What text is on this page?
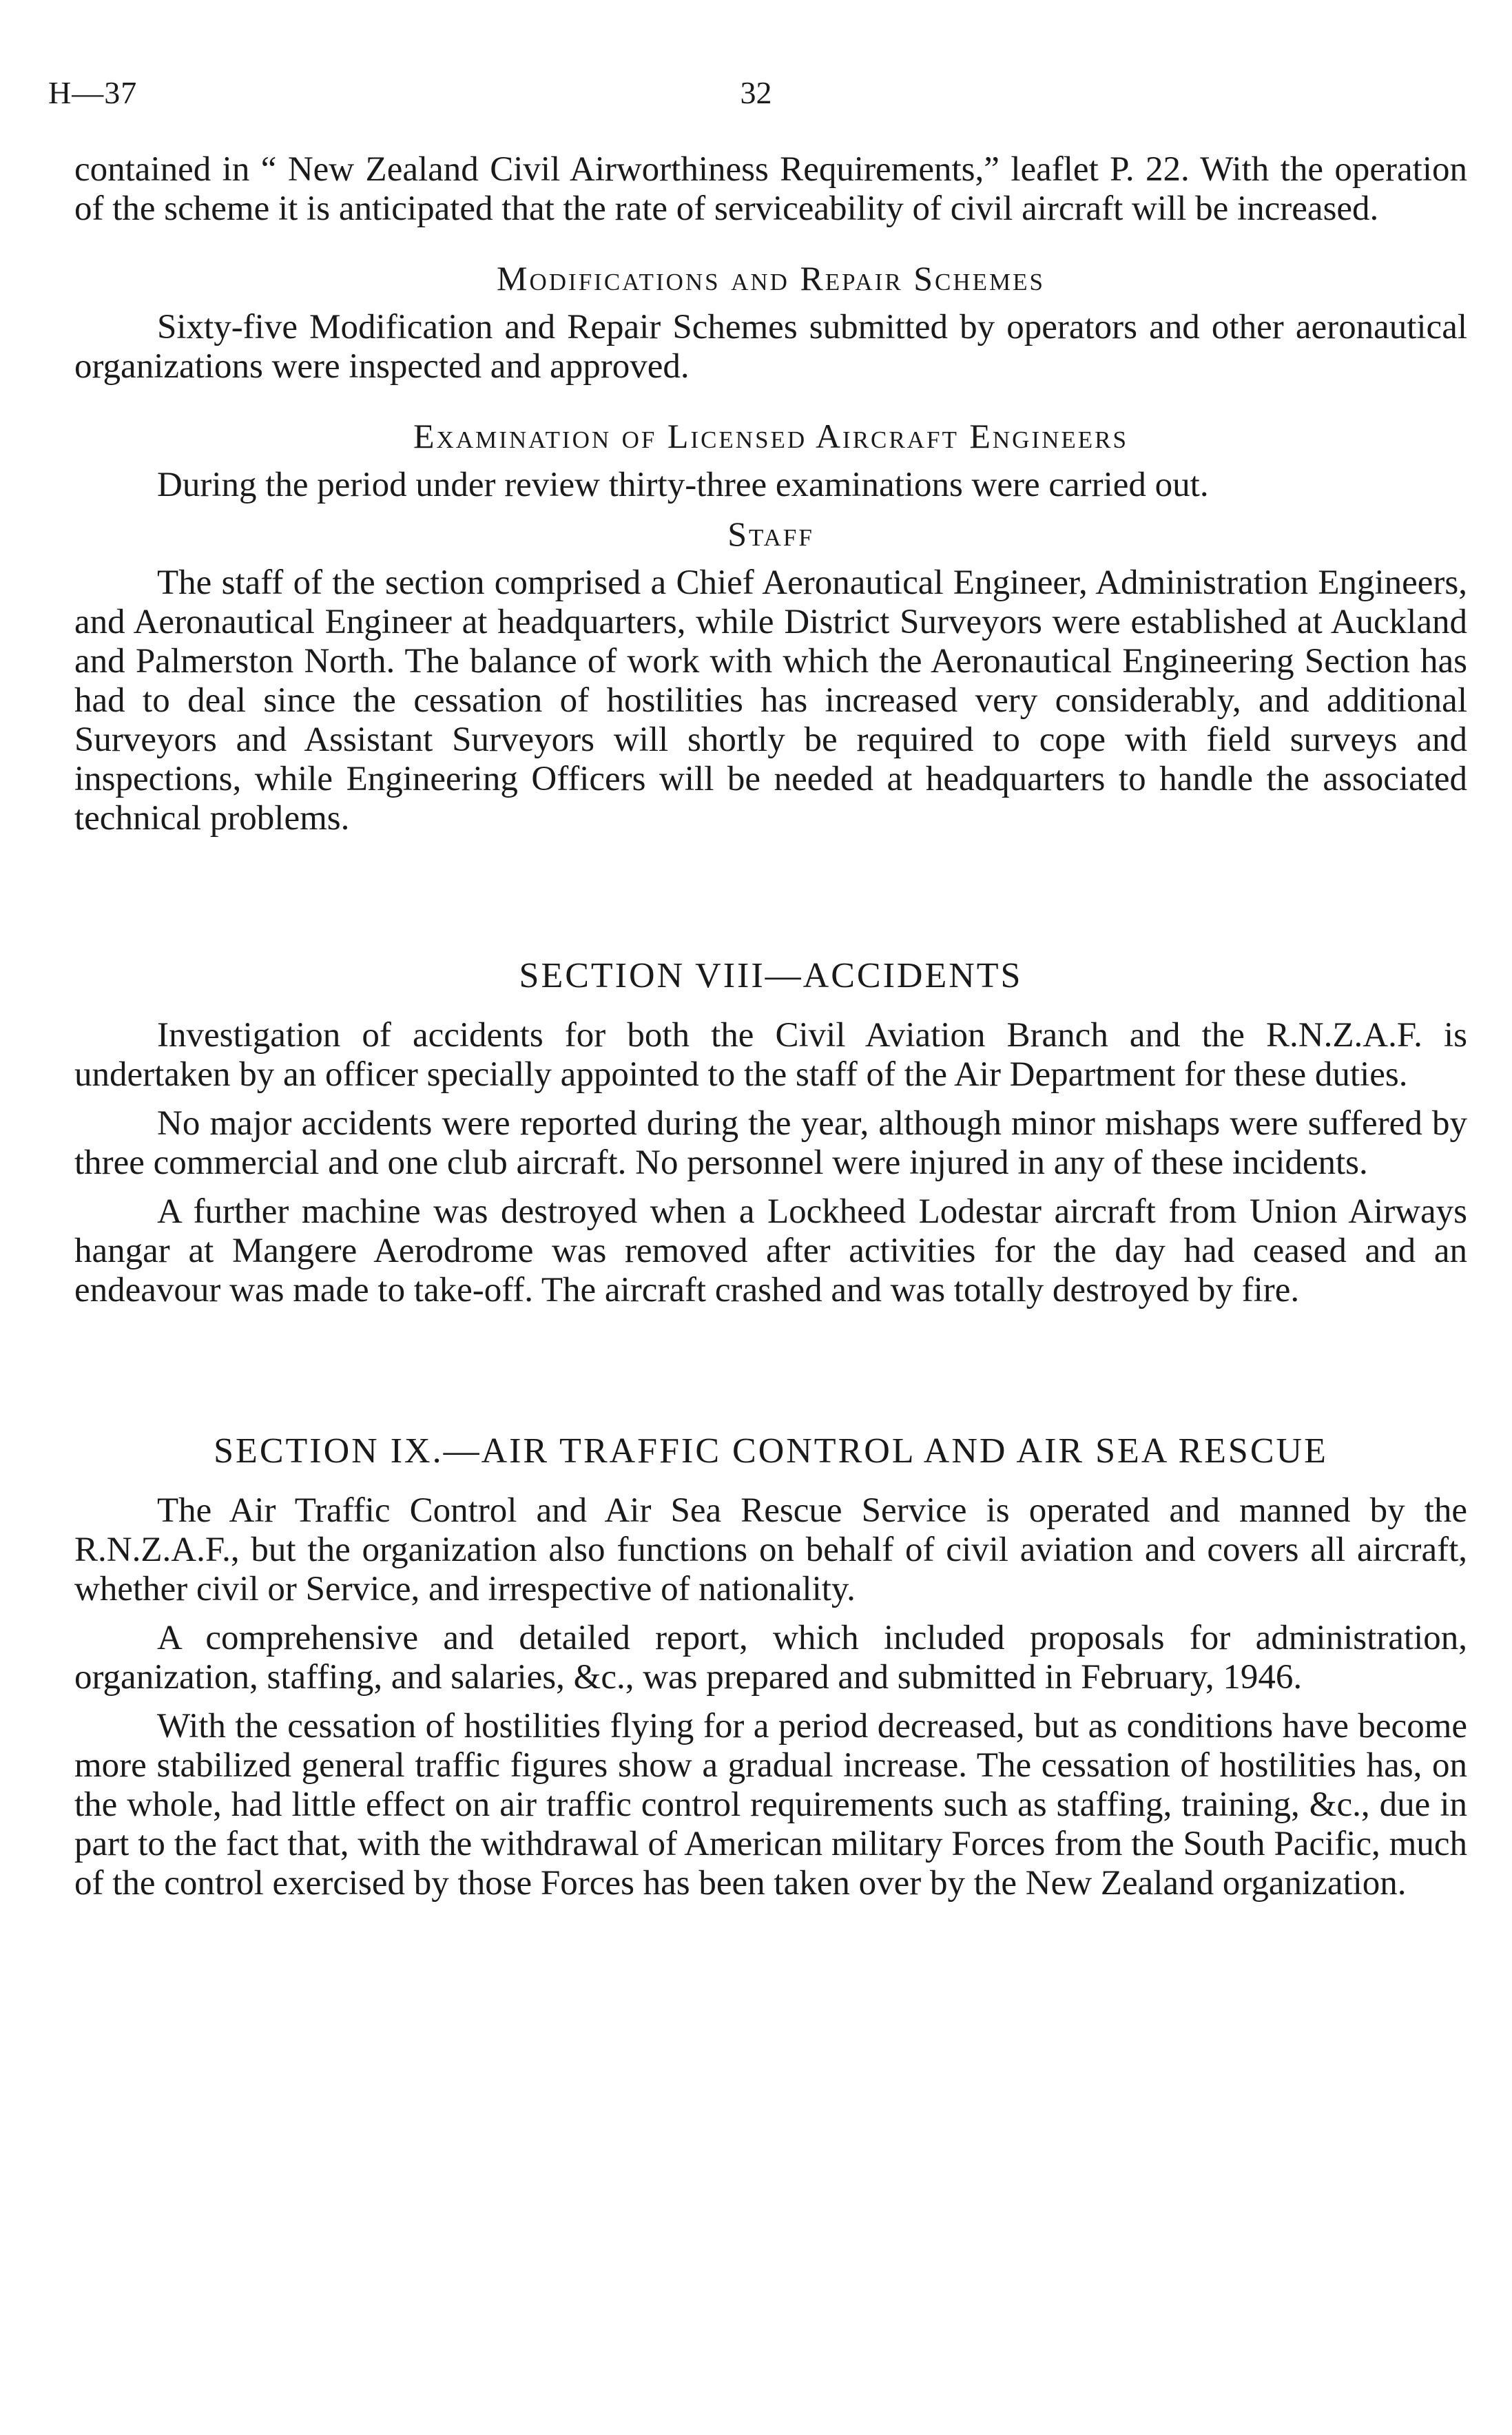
H—37	32

contained in “ New Zealand Civil Airworthiness Requirements,” leaflet P. 22. With the operation of the scheme it is anticipated that the rate of serviceability of civil aircraft will be increased.

Modifications and Repair Schemes

Sixty-five Modification and Repair Schemes submitted by operators and other aeronautical organizations were inspected and approved.

Examination of Licensed Aircraft Engineers

During the period under review thirty-three examinations were carried out.

Staff

The staff of the section comprised a Chief Aeronautical Engineer, Administration Engineers, and Aeronautical Engineer at headquarters, while District Surveyors were established at Auckland and Palmerston North. The balance of work with which the Aeronautical Engineering Section has had to deal since the cessation of hostilities has increased very considerably, and additional Surveyors and Assistant Surveyors will shortly be required to cope with field surveys and inspections, while Engineering Officers will be needed at headquarters to handle the associated technical problems.

SECTION VIII—ACCIDENTS

Investigation of accidents for both the Civil Aviation Branch and the R.N.Z.A.F. is undertaken by an officer specially appointed to the staff of the Air Department for these duties.

No major accidents were reported during the year, although minor mishaps were suffered by three commercial and one club aircraft. No personnel were injured in any of these incidents.

A further machine was destroyed when a Lockheed Lodestar aircraft from Union Airways hangar at Mangere Aerodrome was removed after activities for the day had ceased and an endeavour was made to take-off. The aircraft crashed and was totally destroyed by fire.

SECTION IX.—AIR TRAFFIC CONTROL AND AIR SEA RESCUE

The Air Traffic Control and Air Sea Rescue Service is operated and manned by the R.N.Z.A.F., but the organization also functions on behalf of civil aviation and covers all aircraft, whether civil or Service, and irrespective of nationality.

A comprehensive and detailed report, which included proposals for administration, organization, staffing, and salaries, &c., was prepared and submitted in February, 1946.

With the cessation of hostilities flying for a period decreased, but as conditions have become more stabilized general traffic figures show a gradual increase. The cessation of hostilities has, on the whole, had little effect on air traffic control requirements such as staffing, training, &c., due in part to the fact that, with the withdrawal of American military Forces from the South Pacific, much of the control exercised by those Forces has been taken over by the New Zealand organization.
